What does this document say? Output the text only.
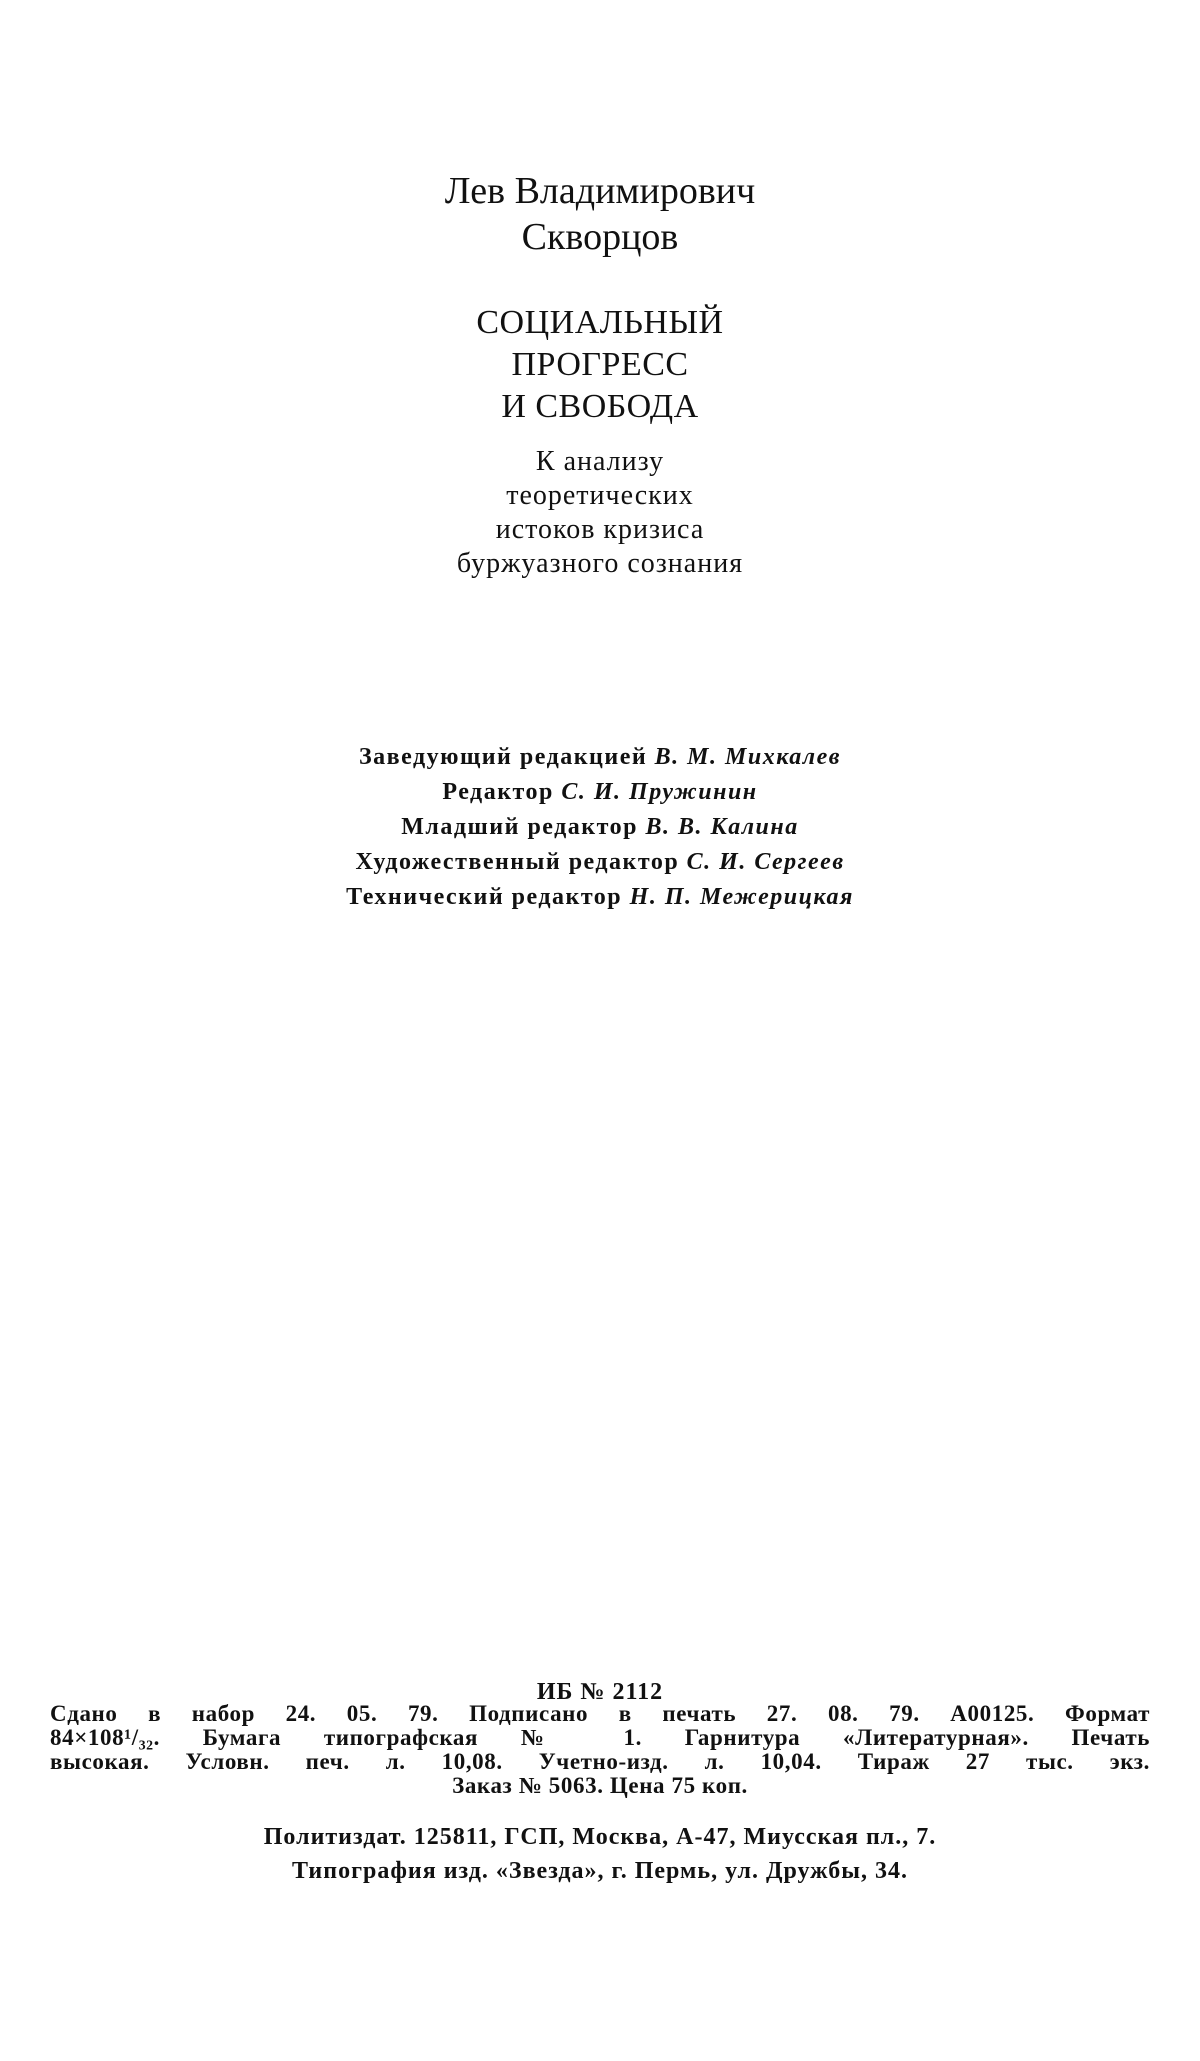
Лев Владимирович
Скворцов
СОЦИАЛЬНЫЙ
ПРОГРЕСС
И СВОБОДА
К анализу
теоретических
истоков кризиса
буржуазного сознания
Заведующий редакцией В. М. Михкалев
Редактор С. И. Пружинин
Младший редактор В. В. Калина
Художественный редактор С. И. Сергеев
Технический редактор Н. П. Межерицкая
ИБ № 2112
Сдано в набор 24. 05. 79. Подписано в печать 27. 08. 79. А00125. Формат
84×108¹/₃₂. Бумага типографская № 1. Гарнитура «Литературная». Печать
высокая. Условн. печ. л. 10,08. Учетно-изд. л. 10,04. Тираж 27 тыс. экз.
Заказ № 5063. Цена 75 коп.
Политиздат. 125811, ГСП, Москва, А-47, Миусская пл., 7.
Типография изд. «Звезда», г. Пермь, ул. Дружбы, 34.
